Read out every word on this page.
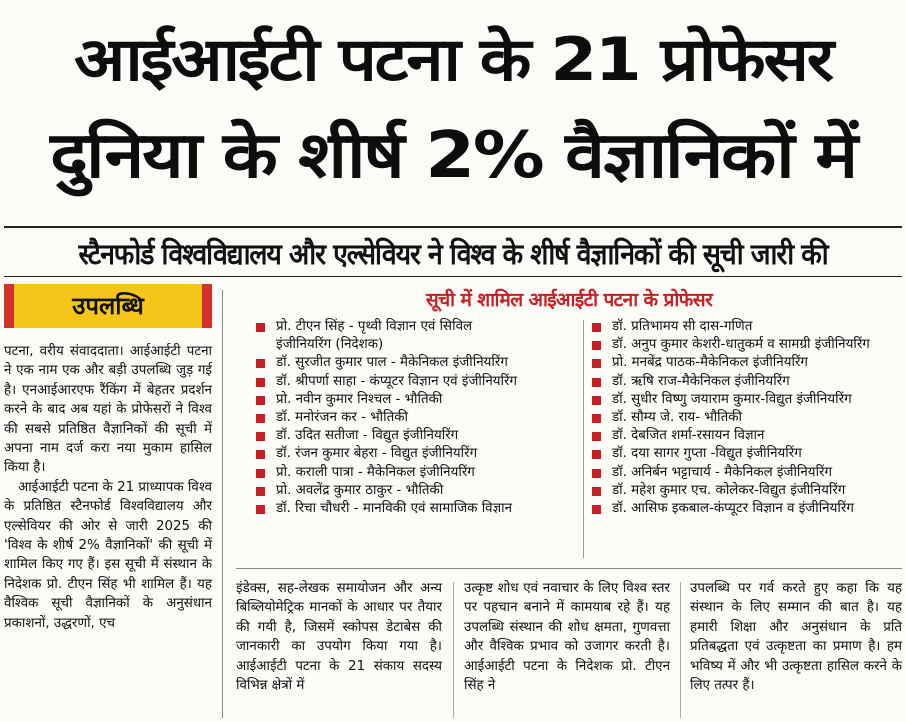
आईआईटी पटना के 21 प्रोफेसर
दुनिया के शीर्ष 2% वैज्ञानिकों में
स्टैनफोर्ड विश्वविद्यालय और एल्सेवियर ने विश्व के शीर्ष वैज्ञानिकों की सूची जारी की
उपलब्धि	सूची में शामिल आईआईटी पटना के प्रोफेसर
प्रो. टीएन सिंह - पृथ्वी विज्ञान एवं सिविल
इंजीनियरिंग (निदेशक)
डॉ. सुरजीत कुमार पाल - मैकेनिकल इंजीनियरिंग
डॉ. श्रीपर्णा साहा - कंप्यूटर विज्ञान एवं इंजीनियरिंग
प्रो. नवीन कुमार निश्चल - भौतिकी
डॉ. मनोरंजन कर - भौतिकी
डॉ. उदित सतीजा - विद्युत इंजीनियरिंग
डॉ. रंजन कुमार बेहरा - विद्युत इंजीनियरिंग
प्रो. कराली पात्रा - मैकेनिकल इंजीनियरिंग
प्रो. अवलेंद्र कुमार ठाकुर - भौतिकी
डॉ. रिचा चौधरी - मानविकी एवं सामाजिक विज्ञान
डॉ. प्रतिभामय सी दास-गणित
डॉ. अनुप कुमार केशरी-धातुकर्म व सामग्री इंजीनियरिंग
प्रो. मनबेंद्र पाठक-मैकेनिकल इंजीनियरिंग
डॉ. ऋषि राज-मैकेनिकल इंजीनियरिंग
डॉ. सुधीर विष्णु जयाराम कुमार-विद्युत इंजीनियरिंग
डॉ. सौम्य जे. राय- भौतिकी
डॉ. देबजित शर्मा-रसायन विज्ञान
डॉ. दया सागर गुप्ता -विद्युत इंजीनियरिंग
डॉ. अनिर्बन भट्टाचार्य - मैकेनिकल इंजीनियरिंग
डॉ. महेश कुमार एच. कोलेकर-विद्युत इंजीनियरिंग
डॉ. आसिफ इकबाल-कंप्यूटर विज्ञान व इंजीनियरिंग

पटना, वरीय संवाददाता। आईआईटी पटना ने एक नाम एक और बड़ी उपलब्धि जुड़ गई है। एनआईआरएफ रैंकिंग में बेहतर प्रदर्शन करने के बाद अब यहां के प्रोफेसरों ने विश्व की सबसे प्रतिष्ठित वैज्ञानिकों की सूची में अपना नाम दर्ज करा नया मुकाम हासिल किया है।

आईआईटी पटना के 21 प्राध्यापक विश्व के प्रतिष्ठित स्टैनफोर्ड विश्वविद्यालय और एल्सेवियर की ओर से जारी 2025 की 'विश्व के शीर्ष 2% वैज्ञानिकों' की सूची में शामिल किए गए हैं। इस सूची में संस्थान के निदेशक प्रो. टीएन सिंह भी शामिल हैं। यह वैश्विक सूची वैज्ञानिकों के अनुसंधान प्रकाशनों, उद्धरणों, एच

इंडेक्स, सह-लेखक समायोजन और अन्य बिब्लियोमेट्रिक मानकों के आधार पर तैयार की गयी है, जिसमें स्कोपस डेटाबेस की जानकारी का उपयोग किया गया है। आईआईटी पटना के 21 संकाय सदस्य विभिन्न क्षेत्रों में

उत्कृष्ट शोध एवं नवाचार के लिए विश्व स्तर पर पहचान बनाने में कामयाब रहे हैं। यह उपलब्धि संस्थान की शोध क्षमता, गुणवत्ता और वैश्विक प्रभाव को उजागर करती है। आईआईटी पटना के निदेशक प्रो. टीएन सिंह ने

उपलब्धि पर गर्व करते हुए कहा कि यह संस्थान के लिए सम्मान की बात है। यह हमारी शिक्षा और अनुसंधान के प्रति प्रतिबद्धता एवं उत्कृष्टता का प्रमाण है। हम भविष्य में और भी उत्कृष्टता हासिल करने के लिए तत्पर हैं।
